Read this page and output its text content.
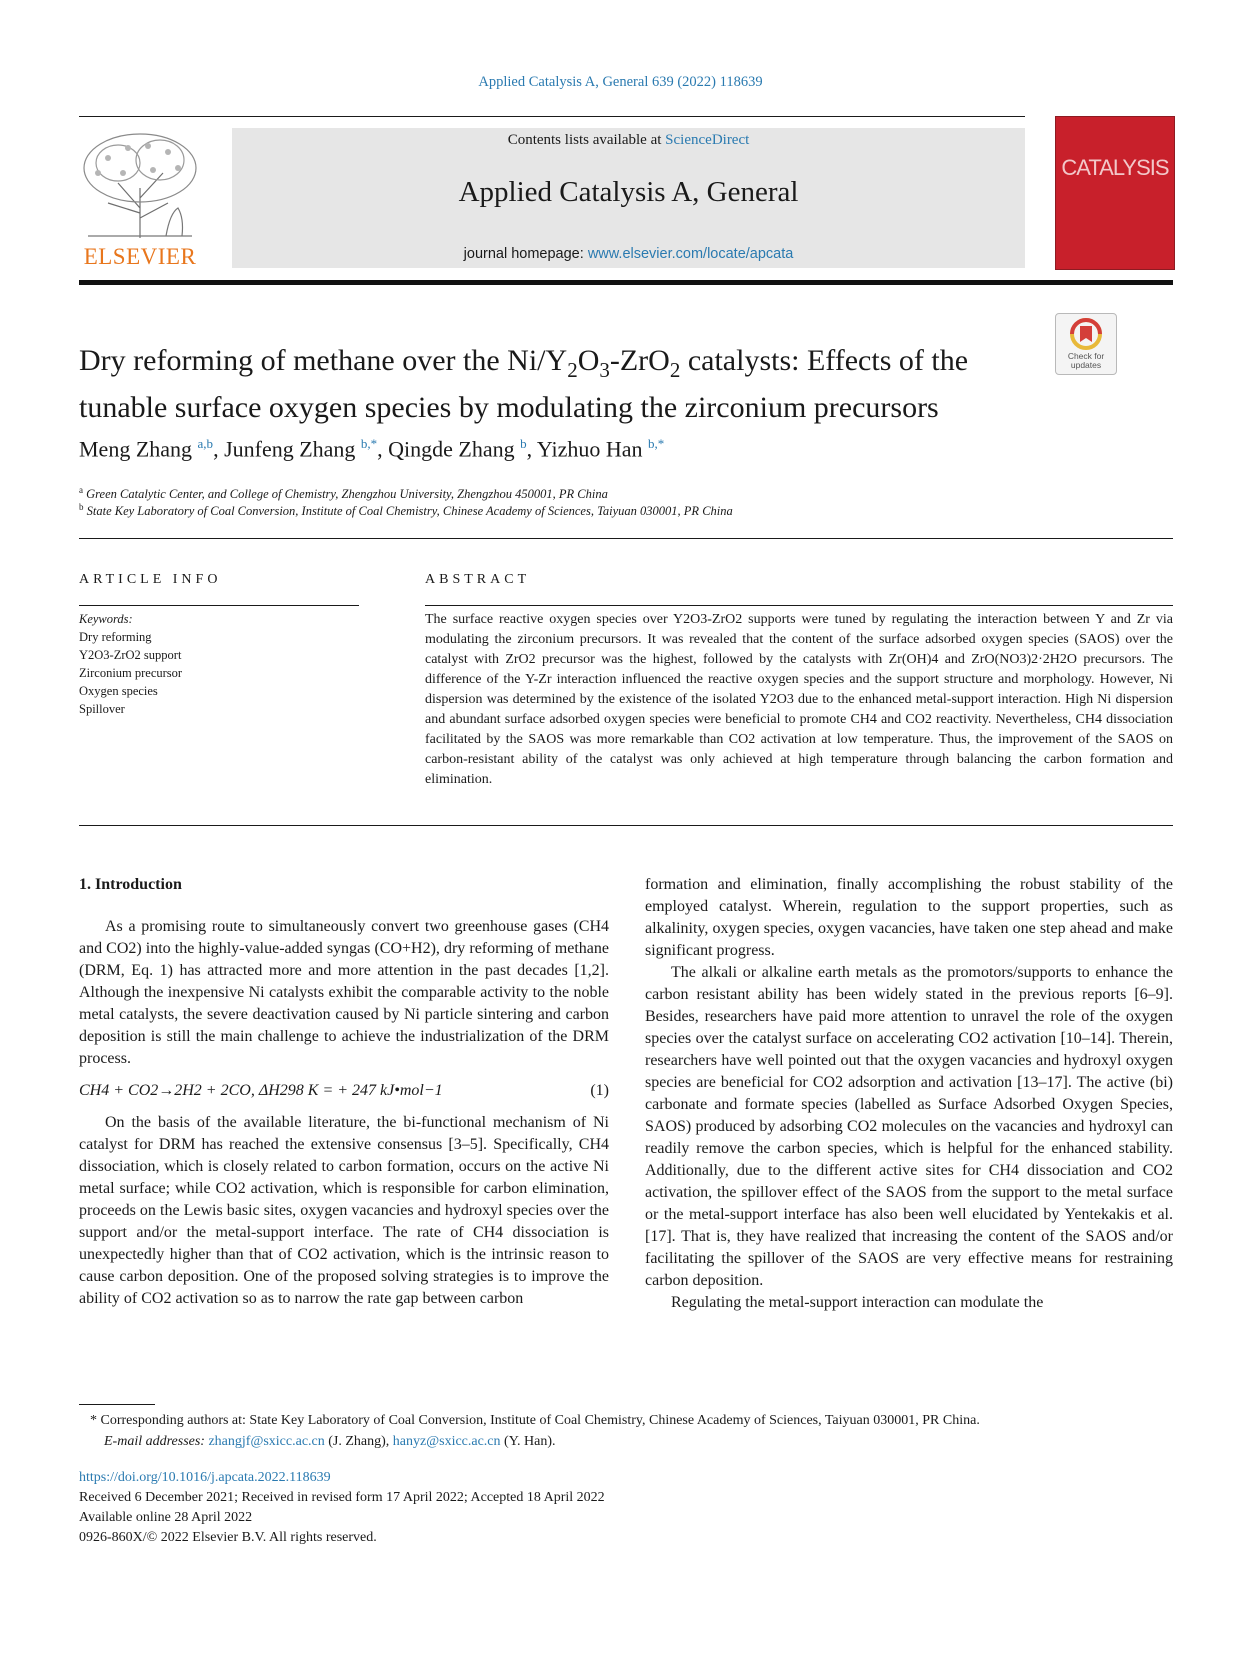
Applied Catalysis A, General 639 (2022) 118639
ELSEVIER
Contents lists available at ScienceDirect
Applied Catalysis A, General
journal homepage: www.elsevier.com/locate/apcata
CATALYSIS
Check for updates
Dry reforming of methane over the $Ni/Y_2O_3-ZrO_2$ catalysts: Effects of the tunable surface oxygen species by modulating the zirconium precursors
Meng Zhang $^{a,b}$, Junfeng Zhang $^{b,*}$, Qingde Zhang $^b$, Yizhuo Han $^{b,*}$
$^a$ Green Catalytic Center, and College of Chemistry, Zhengzhou University, Zhengzhou 450001, PR China
$^b$ State Key Laboratory of Coal Conversion, Institute of Coal Chemistry, Chinese Academy of Sciences, Taiyuan 030001, PR China
ARTICLE INFO
Keywords:
Dry reforming
Y2O3-ZrO2 support
Zirconium precursor
Oxygen species
Spillover
ABSTRACT
The surface reactive oxygen species over Y2O3-ZrO2 supports were tuned by regulating the interaction between Y and Zr via modulating the zirconium precursors. It was revealed that the content of the surface adsorbed oxygen species (SAOS) over the catalyst with ZrO2 precursor was the highest, followed by the catalysts with Zr(OH)4 and ZrO(NO3)2·2H2O precursors. The difference of the Y-Zr interaction influenced the reactive oxygen species and the support structure and morphology. However, Ni dispersion was determined by the existence of the isolated Y2O3 due to the enhanced metal-support interaction. High Ni dispersion and abundant surface adsorbed oxygen species were beneficial to promote CH4 and CO2 reactivity. Nevertheless, CH4 dissociation facilitated by the SAOS was more remarkable than CO2 activation at low temperature. Thus, the improvement of the SAOS on carbon-resistant ability of the catalyst was only achieved at high temperature through balancing the carbon formation and elimination.
1. Introduction

As a promising route to simultaneously convert two greenhouse gases (CH4 and CO2) into the highly-value-added syngas (CO+H2), dry reforming of methane (DRM, Eq. 1) has attracted more and more attention in the past decades [1,2]. Although the inexpensive Ni catalysts exhibit the comparable activity to the noble metal catalysts, the severe deactivation caused by Ni particle sintering and carbon deposition is still the main challenge to achieve the industrialization of the DRM process.

CH4 + CO2→2H2 + 2CO, ΔH298 K = + 247 kJ•mol−1	(1)

On the basis of the available literature, the bi-functional mechanism of Ni catalyst for DRM has reached the extensive consensus [3–5]. Specifically, CH4 dissociation, which is closely related to carbon formation, occurs on the active Ni metal surface; while CO2 activation, which is responsible for carbon elimination, proceeds on the Lewis basic sites, oxygen vacancies and hydroxyl species over the support and/or the metal-support interface. The rate of CH4 dissociation is unexpectedly higher than that of CO2 activation, which is the intrinsic reason to cause carbon deposition. One of the proposed solving strategies is to improve the ability of CO2 activation so as to narrow the rate gap between carbon

formation and elimination, finally accomplishing the robust stability of the employed catalyst. Wherein, regulation to the support properties, such as alkalinity, oxygen species, oxygen vacancies, have taken one step ahead and make significant progress.

The alkali or alkaline earth metals as the promotors/supports to enhance the carbon resistant ability has been widely stated in the previous reports [6–9]. Besides, researchers have paid more attention to unravel the role of the oxygen species over the catalyst surface on accelerating CO2 activation [10–14]. Therein, researchers have well pointed out that the oxygen vacancies and hydroxyl oxygen species are beneficial for CO2 adsorption and activation [13–17]. The active (bi) carbonate and formate species (labelled as Surface Adsorbed Oxygen Species, SAOS) produced by adsorbing CO2 molecules on the vacancies and hydroxyl can readily remove the carbon species, which is helpful for the enhanced stability. Additionally, due to the different active sites for CH4 dissociation and CO2 activation, the spillover effect of the SAOS from the support to the metal surface or the metal-support interface has also been well elucidated by Yentekakis et al. [17]. That is, they have realized that increasing the content of the SAOS and/or facilitating the spillover of the SAOS are very effective means for restraining carbon deposition.

Regulating the metal-support interaction can modulate the

* Corresponding authors at: State Key Laboratory of Coal Conversion, Institute of Coal Chemistry, Chinese Academy of Sciences, Taiyuan 030001, PR China.
E-mail addresses: zhangjf@sxicc.ac.cn (J. Zhang), hanyz@sxicc.ac.cn (Y. Han).
https://doi.org/10.1016/j.apcata.2022.118639
Received 6 December 2021; Received in revised form 17 April 2022; Accepted 18 April 2022
Available online 28 April 2022
0926-860X/© 2022 Elsevier B.V. All rights reserved.
